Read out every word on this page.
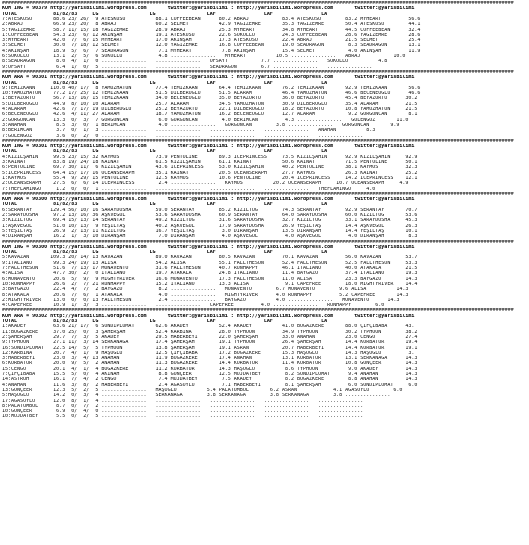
##########################################################################################################################################################################
KUM ING = 90379 http://yarisbilimi.wordpress.com       twitter:@yarisbilimi : http://yarisbilimi.wordpress.com       twitter:@yarisbilimi
TOTAL            81/82/83     LG                 LG                 LAF                LAF                LA
7:ATESKUSU       88.6 23/ 26/  9 ATESKUSU          88.1 COFFEEBEAN      80.2 ABRAJ           83.4 ATESKUSU        83.2 MYHEART         56.6
2:ABRAJ          66.9 23/ 20/  8 ABRAJ             60.2 SELMET          42.9 YAĞIZEMRE       35.3 YAĞIZEMRE       50.4 ATESKUSU        44.1
5:YAĞIZEMRE      58.7 11/ 15/ 18 YAĞIZEMRE         28.9 ABRAJ           25.3 MYHEART         34.8 MYHEART         44.5 COFFEEBEAN      32.4
1:COFFEEBEAN     54.3 23/  6/ 12 AKINŞAH           19.1 ATESKUSU        22.6 SOKOLLU         24.3 COFFEEBEAN      28.6 YAĞIZEMRE       28.6
3:MYHEART        42.0  7/  6/ 15 MYHEART           17.0 AKINŞAH         17.3 ATESKUSU        22.4 ABRAJ           21.5 SELMET          25.4
3:SELMET         30.0  7/ 18/ 12 SELMET            12.0 YAĞIZEMRE       16.8 COFFEEBEAN      19.0 SEADRAGON        8.3 SEADRAGON       13.1
4:AKINŞAH        18.9  5/  6/  7 SEADRAGON          7.1 MYHEART          7.8 AKINŞAH         15.4 SELMET           4.0 AKINŞAH         11.9
6:SOKOLLU        13.1  2/  5/  6 SOKOLLU            4.8 ...............   MYHEART          10.5 ...............   ABRAJ           10.0
8:SEADRAGON       8.0  4/  1/  0 ...............   ...............   OFSAYT           7.7 ...............   SOKOLLU          4.8
9:OFSAYT          6.4  1/  0/  5 ...............   ...............   SEADRAGON        6.7 ...............   ...............
##########################################################################################################################################################################
KUM ARA = 90301 http://yarisbilimi.wordpress.com       twitter:@yarisbilimi : http://yarisbilimi.wordpress.com       twitter:@yarisbilimi
TOTAL            81/82/83     LG                 LG                 LAF                LAF                LA
9:TEMİZKANN     110.0 40/ 17/  8 YAMUZHATUN        77.4 TEMİZKAAN       64.4 TEMİZKAAN       76.2 TEMİZKAAN       92.9 TEMİZKAAN       56.6
10:YAMUZHATUN    77.2 17/ 25/ 12 TEMİZKAAN         51.5 DİLBEROĞLU      51.5 ALARAM          46.4 YAMUZHATUN      46.6 BECENEOĞLU      46.6
1:BEYAZORTÜ      56.7 13/ 16/ 15 TEMİZKAAN         34.0 BECENEOĞLU      35.0 BEYAZORTÜ       36.0 BEYAZORTÜ       45.4 BEYAZORTÜ      30.2
5:DİLBEROĞLU     44.9  8/ 10/ 10 ALARAM            25.7 ALARAM          34.5 YAMUZHATUN      30.9 DİLBEROĞLU      35.4 ALARAM         21.5
4:ALARAM         42.6  7/ 17/ 19 DİLBEROĞLU        25.2 BEYAZORTÜ       22.1 DİLBEROĞLU      18.2 BEYAZORTÜ       10.8 YAMUZHATUN     21.5
6:BECENEOĞLU     42.6  4/ 11/ 27 ALARAM            18.7 YAMUZHATUN      16.2 BECENEOĞLU      12.7 ALARAM           9.2 GÖRGÜNCAN       8.1
2:GÖRGÜNCAN      13.3  0/  3/  7 GÖRGÜNCAN          6.0 GÖRGÜNCAN        4.0 BERİMCAN         4.3 ...............   GÜLENGÖZ       11.0
3:ANAHAN          8.5  3/  0/  1 BERİMCAN           4.0 ...............   GÖRGÜNCAN        3.8 ...............   GÖRGÜNCAN       9.9
8:BERİMCAN        3.7  0/  1/  3 ...............   ...............   ...............   ...............   ANAHAN          8.3
7:GÜLENGÖZ        3.6  0/  2/  0 ...............   ...............   ...............   ...............   ...............
##########################################################################################################################################################################
KUM ING = 90301 http://yarisbilimi.wordpress.com       twitter:@yarisbilimi : http://yarisbilimi.wordpress.com       twitter:@yarisbilimi
TOTAL            81/82/83     LG                 LG                 LAF                LAF                LA
4:KIZILŞAHİN     99.5 23/ 15/ 32 KAYMOS            73.9 PENTOLINE       89.3 ICEPRINCESS     73.5 KIZILŞAHİN      92.9 KIZILŞAHİN     92.9
3:KAİNAT         83.8 19/ 24/ 18 KAİNAT            61.5 KIZILŞAHİN      61.1 KAİNAT          50.6 KAİNAT          71.5 PENTOLINE      50.1
6:PENTOLINE      69.7 30/ 11/  6 KIZILŞAHİN        43.6 ICEPRINCESS     53.0 KIZILŞAHİN      40.2 PENTOLINE       38.1 KAYMOS         32.3
5:ICEPRINCESS    64.4 15/ 17/ 16 OCEANSERAPH       35.1 KAİNAT          20.5 OCEANSERAPH     27.7 KAYMOS          26.3 KAİNAT         25.2
1:KAYMOS         55.4  9/ 29/ 15 PENTOLINE         12.5 KAYMOS          10.6 PENTOLINE       20.4 ICEPRINCESS     14.2 ICEPRINCESS    12.1
2:OCEANSERAPH    27.5  6/  6/ 14 ICEPRINCESS        2.4 ...............   KAYMOS          20.2 OCEANSERAPH     10.7 OCEANSERAPH     4.9
7:THEFLAMINGO     1.2  0/  0/  1 ...............   ...............   ...............   ...............   THEFLAMINGO     4.0
##########################################################################################################################################################################
KUM ARA = 90300 http://yarisbilimi.wordpress.com       twitter:@yarisbilimi : http://yarisbilimi.wordpress.com       twitter:@yarisbilimi
TOTAL            81/82/83     LG                 LG                 LAF                LAF                LA
6:SERANTAY      129.4 56/ 10/ 16 SARAYDOSHA        59.0 SERANTAY        85.2 KIZILTUĞ        74.3 SERANTAY        92.9 SERANTAY       70.7
2:SARAYDOSHA     97.2 13/ 16/ 36 AŞKVEGÜL          53.6 SARAYDOSHA      60.9 SERANTAY        64.0 SARAYDOSHA      60.0 KIZILTUĞ       53.6
3:KIZILTUĞ       69.4 15/ 13/ 14 SERANTAY          49.2 KIZILTUĞ        31.6 SARAYDOSHA      32.7 KIZILTUĞ        33.1 SARAYDOSHA     45.3
1:AŞKVEGÜL       51.0 10/ 13/  9 YEŞİLTAŞ          40.2 AŞKVEGÜL        17.9 SARAYDOSHA      26.9 YEŞİLTAŞ        14.4 AŞKVEGÜL       26.3
5:YEŞİLTAŞ       26.9  2/ 13/ 11 KIZILTUĞ          16.7 YEŞİLTAŞ         3.0 DİRANŞAH        13.5 DİRANŞAH        14.4 YEŞİLTAŞ       10.1
4:DİRANŞAH       16.2  1/  3/ 10 DİRANŞAH           7.0 DİRANŞAH         4.0 AŞKVEGÜL         4.0 AŞKVEGÜL         4.0 DİRANŞAH        8.3
##########################################################################################################################################################################
KUM ING = 90300 http://yarisbilimi.wordpress.com       twitter:@yarisbilimi : http://yarisbilimi.wordpress.com       twitter:@yarisbilimi
TOTAL            81/82/83     LG                 LG                 LAF                LAF                LA
5:KAVAZAN       109.3 20/ 14/ 13 KAVAZAN           89.0 KAVAZAN         80.5 KAVAZAN         70.1 KAVAZAN         56.0 KAVAZAN        53.7
9:İTALİANO       99.3 24/ 19/ 13 ALİSA             54.2 ALİSA           55.1 FALLTHESUN      52.4 FALLTHESUN      52.5 FALLTHESUN     53.3
7:FALLTHESUN     51.6  7/ 13/ 17 MONAVENTO         31.6 FALLTHESUN      40.7 RUNHAPPY        46.1 İTALİANO        40.0 ATAKALA        21.5
4:ALİSA          47.7 30/  2/  0 İTALİANO          19.7 ATAKALA         24.8 İTALİANO        11.4 BAYGAZO         37.4 İTALİANO       19.3
6:MONAVENTO      20.6  5/  9/  9 MIGHTYRIVER       16.6 MONAVENTO       17.3 FALLTHESUN      11.0 ALİSA           23.3 BAYGAZO        14.3
10:RUNHAPPY      26.6  2/  7/ 21 RUNHAPPY          15.2 İTALİANO        13.3 ALİSA            9.1 CAPEFREE        18.0 MIGHTYRIVER    14.4
3:BAYGAZO        22.4  4/  7/  2 BAYGAZO            8.2 ...............   MONAVENTO        6.7 MONAVENTO        9.6 ALİSA          14.3
8:ATAKALA        20.6  7/  6/  1 ATAKALA            4.0 ...............   MIGHTYRIVER      4.0 RUNHAPPY         5.2 CAPEFREE       14.3
2:MIGHTYRIVER    13.0  0/  0/ 13 FALLTHESUN         2.4 ...............   BAYGAZO          4.0 ...............   MONAVENTO      14.3
4:CAPEFREE       10.9  1/  3/  3 ...............   ...............   CAPEFREE         4.0 ...............   RUNHAPPY        6.0
##########################################################################################################################################################################
KUM ARA = 90302 http://yarisbilimi.wordpress.com       twitter:@yarisbilimi : http://yarisbilimi.wordpress.com       twitter:@yarisbilimi
TOTAL            81/82/83     LG                 LG                 LAF                LAF                LA
1:AKADEY         63.6 21/ 17/  6 SONDİPLOMAT       62.6 AKADEY          52.4 AKADEY          41.0 BOĞAZKERE       88.0 ÇİFÇİBABA      43.
11:BOĞAZKERE     37.0 25/  0/  3 ŞAHERŞAH          52.4 KARBİNA         28.0 TYPHOON         34.9 TYPHOON         30.2 TYPHOON        38.2
2:ŞAHERŞAH       29.7  7/  3/  5 AKADEY            29.5 HABERBEYİ       22.0 ŞAHERŞAH        33.0 ANAHAN          23.0 CENGO          27.4
9:TYPHOON        27.1 11/  3/ 14 SERKANAĞA         17.4 ŞAHERŞAH        19.1 TYPHOON         26.4 ŞAHERŞAH        14.4 KORBATUR       19.4
16:SONDİPLOMAT   22.5 14/  5/  5 TYPHOON           13.8 ŞAHERŞAH        19.1 ASRAN           20.7 HABERBEYİ       14.4 KORBATUR       19.1
12:KARBİNA       20.7  4/  1/  9 HAŞOĞLU           12.5 ÇİFÇİBABA       17.2 BOĞAZKERE       15.3 HAŞOĞLU         14.3 HAŞOĞLU         3.
3:HABERBEYİ      23.0  3/  4/ 13 ANAHAN            11.9 BOĞAZKERE       17.4 ANAHAN          13.1 KORBATUR        13.1 SERKANAĞA      14.3
6:KORBATUR       20.0  9/  5/  2 ANAHAN            11.3 BOĞAZKERE       14.4 KORBATUR        11.4 KORBATUR        10.8 GÖNÇEER        14.3
15:CENGO         20.1  4/  1/  4 BOĞAZKERE         11.2 KORBATUR        14.3 HAŞOĞLU          8.6 TYPHOON          9.0 AKADEY         14.3
7:ÇİFÇİBABA      15.5  5/  0/  4 AKINAH             8.8 GÖNÇEER         12.5 MÜJDATBEY        8.2 SONDİPLOMAT      9.4 ANAHAN         14.3
14:ASTRUH        16.1  7/  4/  2 CENGO              7.4 MÜJDATBEY        7.5 AKADEY           8.2 BOĞAZKERE        8.8 ANAHAN         14.3
4:ANAHAN         11.6  3/  8/  2 HABERBEYİ          2.4 AĞASOYLU         7.1 HABERBEYİ        8.1 ŞAHERŞAH         6.0 SONDİPLOMAT     6.0
13:GÖNÇEER       12.3  5/  2/  5 ...............   HAŞOĞLU          5.4 PALATUMBUL       6.2 ASRAN            4.1 AĞASOYLU        6.0
5:HAŞOĞLU        14.2  0/  3/  4 ...............   SERKANAĞA        3.8 SERKANAĞA        3.8 SERKANAĞA        3.8 ...............
17:AĞASOYLU      12.0  8/  1/  4 ...............   ...............   ...............   ...............   ...............
8:PALATUMBUL      8.7  0/  7/  2 ...............   ...............   ...............   ...............   ...............
10:GÖNÇEER        6.9  0/  4/  0 ...............   ...............   ...............   ...............   ...............
10:MÜJDATBEY      5.5  0/  2/  5 ...............   ...............   ...............   ...............   ...............
